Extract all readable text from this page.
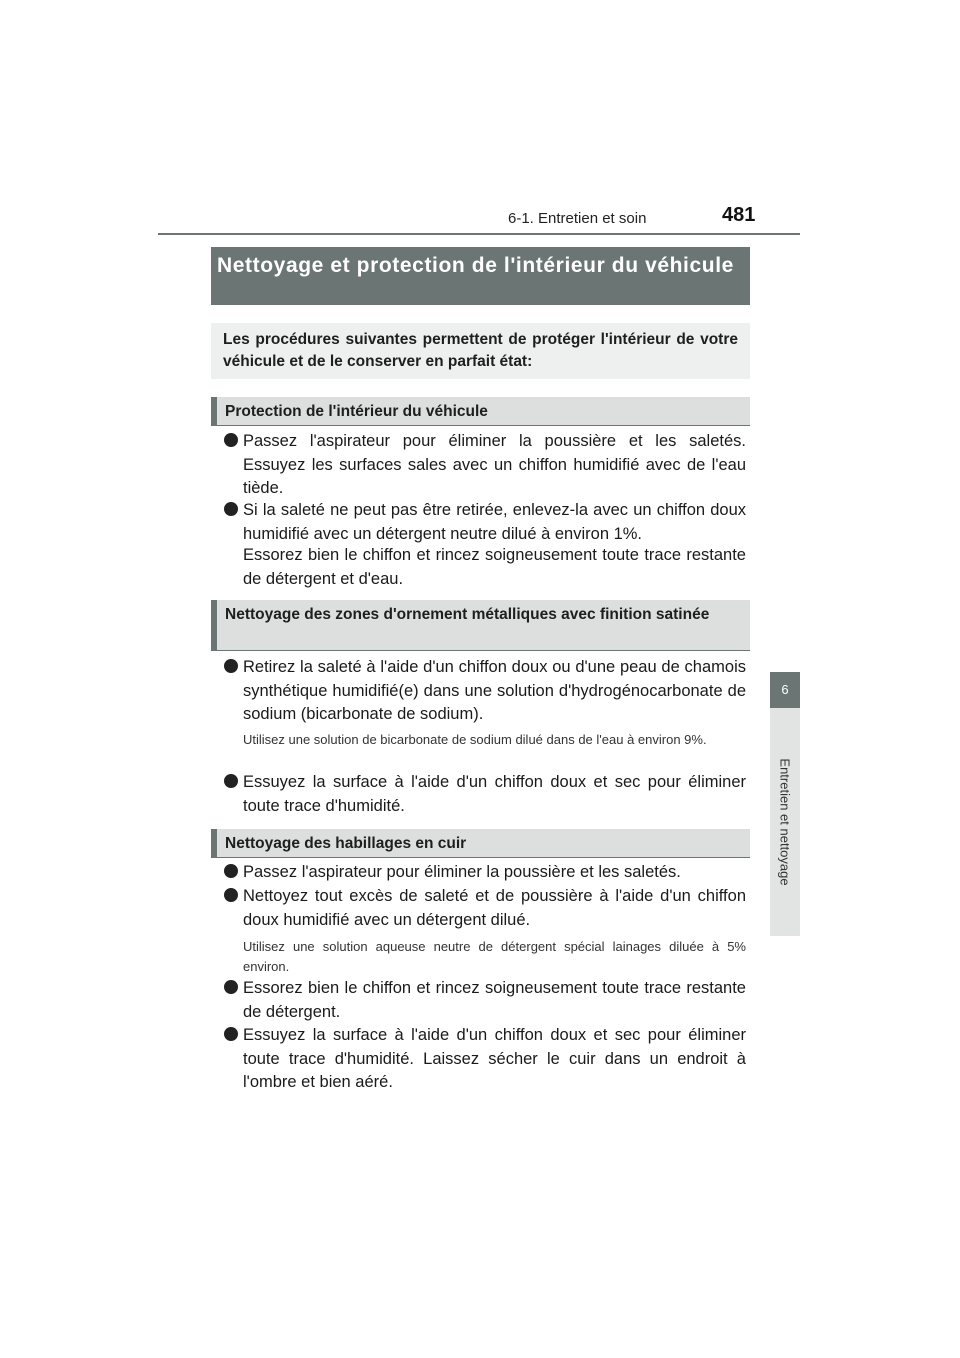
6-1. Entretien et soin	481
6
Entretien et nettoyage
Nettoyage et protection de l'intérieur du véhicule
Les procédures suivantes permettent de protéger l'intérieur de votre véhicule et de le conserver en parfait état:
Protection de l'intérieur du véhicule
Passez l'aspirateur pour éliminer la poussière et les saletés. Essuyez les surfaces sales avec un chiffon humidifié avec de l'eau tiède.
Si la saleté ne peut pas être retirée, enlevez-la avec un chiffon doux humidifié avec un détergent neutre dilué à environ 1%.
Essorez bien le chiffon et rincez soigneusement toute trace restante de détergent et d'eau.
Nettoyage des zones d'ornement métalliques avec finition satinée
Retirez la saleté à l'aide d'un chiffon doux ou d'une peau de chamois synthétique humidifié(e) dans une solution d'hydrogénocarbonate de sodium (bicarbonate de sodium).
Utilisez une solution de bicarbonate de sodium dilué dans de l'eau à environ 9%.
Essuyez la surface à l'aide d'un chiffon doux et sec pour éliminer toute trace d'humidité.
Nettoyage des habillages en cuir
Passez l'aspirateur pour éliminer la poussière et les saletés.
Nettoyez tout excès de saleté et de poussière à l'aide d'un chiffon doux humidifié avec un détergent dilué.
Utilisez une solution aqueuse neutre de détergent spécial lainages diluée à 5% environ.
Essorez bien le chiffon et rincez soigneusement toute trace restante de détergent.
Essuyez la surface à l'aide d'un chiffon doux et sec pour éliminer toute trace d'humidité. Laissez sécher le cuir dans un endroit à l'ombre et bien aéré.
